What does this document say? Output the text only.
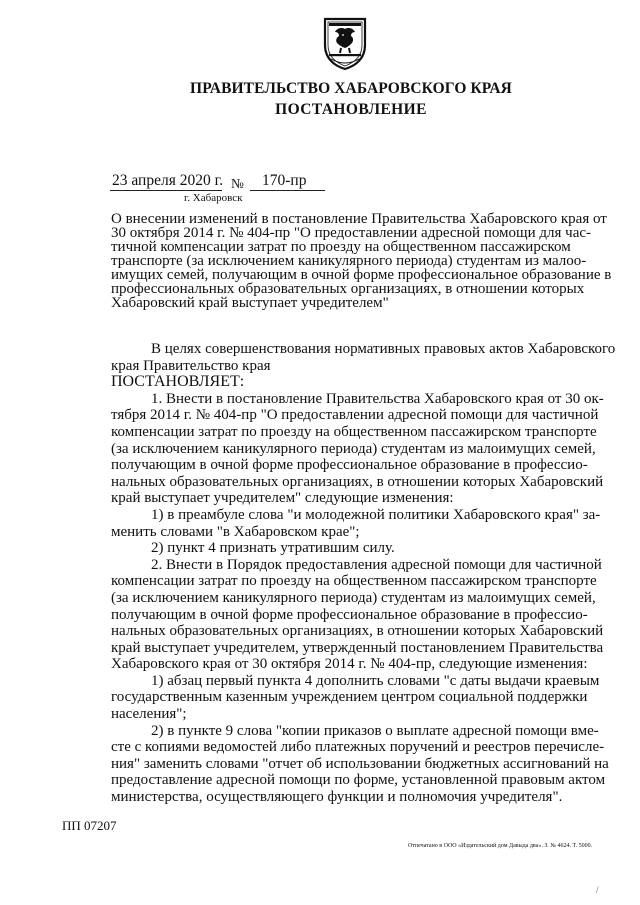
ПРАВИТЕЛЬСТВО ХАБАРОВСКОГО КРАЯ
ПОСТАНОВЛЕНИЕ
23 апреля 2020 г. № 170-пр
г. Хабаровск
О внесении изменений в постановление Правительства Хабаровского края от
30 октября 2014 г. № 404-пр "О предоставлении адресной помощи для час-
тичной компенсации затрат по проезду на общественном пассажирском
транспорте (за исключением каникулярного периода) студентам из малоо-
имущих семей, получающим в очной форме профессиональное образование в
профессиональных образовательных организациях, в отношении которых
Хабаровский край выступает учредителем"
В целях совершенствования нормативных правовых актов Хабаровского
края Правительство края
ПОСТАНОВЛЯЕТ:
1. Внести в постановление Правительства Хабаровского края от 30 ок-
тября 2014 г. № 404-пр "О предоставлении адресной помощи для частичной
компенсации затрат по проезду на общественном пассажирском транспорте
(за исключением каникулярного периода) студентам из малоимущих семей,
получающим в очной форме профессиональное образование в профессио-
нальных образовательных организациях, в отношении которых Хабаровский
край выступает учредителем" следующие изменения:
1) в преамбуле слова "и молодежной политики Хабаровского края" за-
менить словами "в Хабаровском крае";
2) пункт 4 признать утратившим силу.
2. Внести в Порядок предоставления адресной помощи для частичной
компенсации затрат по проезду на общественном пассажирском транспорте
(за исключением каникулярного периода) студентам из малоимущих семей,
получающим в очной форме профессиональное образование в профессио-
нальных образовательных организациях, в отношении которых Хабаровский
край выступает учредителем, утвержденный постановлением Правительства
Хабаровского края от 30 октября 2014 г. № 404-пр, следующие изменения:
1) абзац первый пункта 4 дополнить словами "с даты выдачи краевым
государственным казенным учреждением центром социальной поддержки
населения";
2) в пункте 9 слова "копии приказов о выплате адресной помощи вме-
сте с копиями ведомостей либо платежных поручений и реестров перечисле-
ния" заменить словами "отчет об использовании бюджетных ассигнований на
предоставление адресной помощи по форме, установленной правовым актом
министерства, осуществляющего функции и полномочия учредителя".
ПП 07207
Отпечатано в ООО «Издательский дом Давыда два». З. № 4624. Т. 5000.
/
